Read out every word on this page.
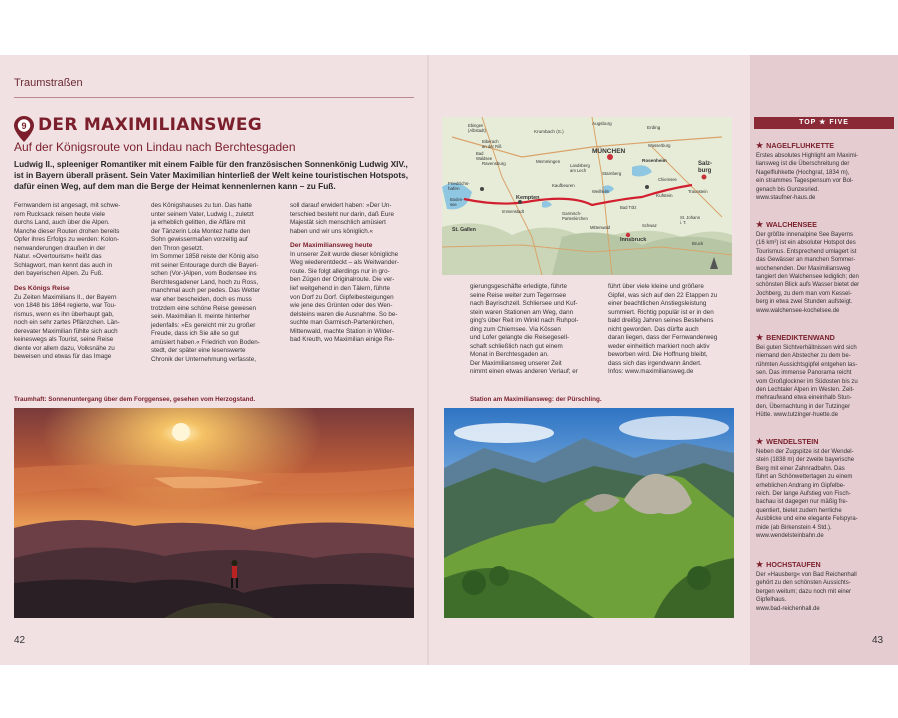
Traumstraßen
9 DER MAXIMILIANSWEG
Auf der Königsroute von Lindau nach Berchtesgaden
Ludwig II., spleeniger Romantiker mit einem Faible für den französischen Sonnenkönig Ludwig XIV., ist in Bayern überall präsent. Sein Vater Maximilian hinterließ der Welt keine touristischen Hotspots, dafür einen Weg, auf dem man die Berge der Heimat kennenlernen kann – zu Fuß.

Fernwandern ist angesagt, mit schwe-

rem Rucksack reisen heute viele

durchs Land, auch über die Alpen.

Manche dieser Routen drohen bereits

Opfer ihres Erfolgs zu werden: Kolon-

nenwanderungen draußen in der

Natur. »Overtourism« heißt das

Schlagwort, man kennt das auch in

den bayerischen Alpen. Zu Fuß.

Des Königs Reise

Zu Zeiten Maximilians II., der Bayern

von 1848 bis 1864 regierte, war Tou-

rismus, wenn es ihn überhaupt gab,

noch ein sehr zartes Pflänzchen. Län-

derevater Maximilian fühlte sich auch

keineswegs als Tourist, seine Reise

diente vor allem dazu, Volksnähe zu

beweisen und etwas für das Image

des Königshauses zu tun. Das hatte

unter seinem Vater, Ludwig I., zuletzt

ja erheblich gelitten, die Affäre mit

der Tänzerin Lola Montez hatte den

Sohn gewissermaßen vorzeitig auf

den Thron gesetzt.

Im Sommer 1858 reiste der König also

mit seiner Entourage durch die Bayeri-

schen (Vor-)Alpen, vom Bodensee ins

Berchtesgadener Land, hoch zu Ross,

manchmal auch per pedes. Das Wetter

war eher bescheiden, doch es muss

trotzdem eine schöne Reise gewesen

sein. Maximilian II. meinte hinterher

jedenfalls: »Es gereicht mir zu großer

Freude, dass ich Sie alle so gut

amüsiert haben.« Friedrich von Boden-

stedt, der später eine lesenswerte

Chronik der Unternehmung verfasste,

soll darauf erwidert haben: »Der Un-

terschied besteht nur darin, daß Eure

Majestät sich menschlich amüsiert

haben und wir uns königlich.«

Der Maximiliansweg heute

In unserer Zeit wurde dieser königliche

Weg wiederentdeckt – als Weitwander-

route. Sie folgt allerdings nur in gro-

ben Zügen der Originalroute. Die ver-

lief weitgehend in den Tälern, führte

von Dorf zu Dorf. Gipfelbesteigungen

wie jene des Grünten oder des Wen-

delsteins waren die Ausnahme. So be-

suchte man Garmisch-Partenkirchen,

Mittenwald, machte Station in Wilder-

bad Kreuth, wo Maximilian einige Re-

Traumhaft: Sonnenuntergang über dem Forggensee, gesehen vom Herzogstand.
42
MÜNCHEN
Salz-
burg
Innsbruck
Kempten
Friedrichs-
hafen
St. Gallen
Krumbach (S.)
Augsburg
Rosenheim
Kufstein
Erding
Ebingen
(Albstadt)
Biberach
an der Riß
Memmingen
Kaufbeuren
Landsberg
am Lech
Starnberg
Garmisch-
Partenkirchen
Boden-
see
Ravensburg
St. Johann
i. T.
Bruck
Wasserburg
Traunstein
Chiemsee
Bad
Waldsee
Immenstadt
Weilheim
Bad Tölz
Schwaz
Mittenwald

gierungsgeschäfte erledigte, führte

seine Reise weiter zum Tegernsee

nach Bayrischzell. Schliersee und Kuf-

stein waren Stationen am Weg, dann

ging's über Reit im Winkl nach Ruhpol-

ding zum Chiemsee. Via Kössen

und Lofer gelangte die Reisegesell-

schaft schließlich nach gut einem

Monat in Berchtesgaden an.

Der Maximiliansweg unserer Zeit

nimmt einen etwas anderen Verlauf; er

führt über viele kleine und größere

Gipfel, was sich auf den 22 Etappen zu

einer beachtlichen Anstiegsleistung

summiert. Richtig populär ist er in den

bald dreißig Jahren seines Bestehens

nicht geworden. Das dürfte auch

daran liegen, dass der Fernwanderweg

weder einheitlich markiert noch aktiv

beworben wird. Die Hoffnung bleibt,

dass sich das irgendwann ändert.

Infos: www.maximiliansweg.de

Station am Maximiliansweg: der Pürschling.
TOP ★ FIVE

★ NAGELFLUHKETTE

Erstes absolutes Highlight am Maximi-
liansweg ist die Überschreitung der
Nagelfluhkette (Hochgrat, 1834 m),
ein strammes Tagespensum vor Bol-
genach bis Gunzesried.
www.staufner-haus.de

★ WALCHENSEE

Der größte innenalpine See Bayerns
(16 km²) ist ein absoluter Hotspot des
Tourismus. Entsprechend umlagert ist
das Gewässer an manchen Sommer-
wochenenden. Der Maximiliansweg
tangiert den Walchensee lediglich; den
schönsten Blick aufs Wasser bietet der
Jochberg, zu dem man vom Kessel-
berg in etwa zwei Stunden aufsteigt.
www.walchensee-kochelsee.de

★ BENEDIKTENWAND

Bei guten Sichtverhältnissen wird sich
niemand den Abstecher zu dem be-
rühmten Aussichtsgipfel entgehen las-
sen. Das immense Panorama reicht
vom Großglockner im Südosten bis zu
den Lechtaler Alpen im Westen. Zeit-
mehraufwand etwa eineinhalb Stun-
den, Übernachtung in der Tutzinger
Hütte. www.tutzinger-huette.de

★ WENDELSTEIN

Neben der Zugspitze ist der Wendel-
stein (1838 m) der zweite bayerische
Berg mit einer Zahnradbahn. Das
führt an Schönwettertagen zu einem
erheblichen Andrang im Gipfelbe-
reich. Der lange Aufstieg von Fisch-
bachau ist dagegen nur mäßig fre-
quentiert, bietet zudem herrliche
Ausblicke und eine elegante Felspyra-
mide (ab Birkenstein 4 Std.).
www.wendelsteinbahn.de

★ HOCHSTAUFEN

Der »Hausberg« von Bad Reichenhall
gehört zu den schönsten Aussichts-
bergen weitum; dazu noch mit einer
Gipfelhaus.
www.bad-reichenhall.de
43
